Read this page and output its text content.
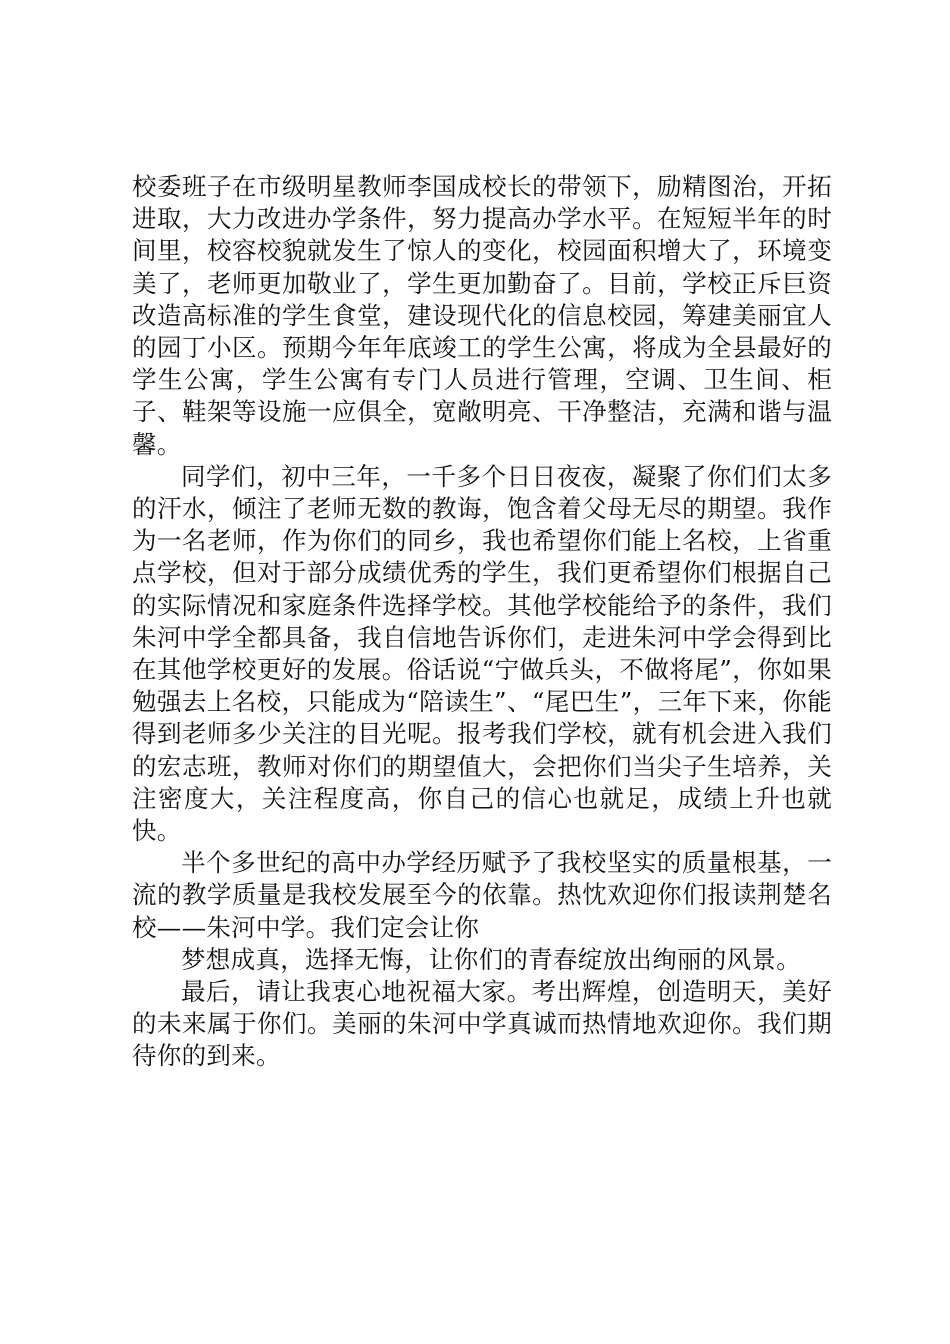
校委班子在市级明星教师李国成校长的带领下，励精图治，开拓进取，大力改进办学条件，努力提高办学水平。在短短半年的时间里，校容校貌就发生了惊人的变化，校园面积增大了，环境变美了，老师更加敬业了，学生更加勤奋了。目前，学校正斥巨资改造高标准的学生食堂，建设现代化的信息校园，筹建美丽宜人的园丁小区。预期今年年底竣工的学生公寓，将成为全县最好的学生公寓，学生公寓有专门人员进行管理，空调、卫生间、柜子、鞋架等设施一应俱全，宽敞明亮、干净整洁，充满和谐与温馨。

同学们，初中三年，一千多个日日夜夜，凝聚了你们们太多的汗水，倾注了老师无数的教诲，饱含着父母无尽的期望。我作为一名老师，作为你们的同乡，我也希望你们能上名校，上省重点学校，但对于部分成绩优秀的学生，我们更希望你们根据自己的实际情况和家庭条件选择学校。其他学校能给予的条件，我们朱河中学全都具备，我自信地告诉你们，走进朱河中学会得到比在其他学校更好的发展。俗话说“宁做兵头，不做将尾”，你如果勉强去上名校，只能成为“陪读生”、“尾巴生”，三年下来，你能得到老师多少关注的目光呢。报考我们学校，就有机会进入我们的宏志班，教师对你们的期望值大，会把你们当尖子生培养，关注密度大，关注程度高，你自己的信心也就足，成绩上升也就快。

半个多世纪的高中办学经历赋予了我校坚实的质量根基，一流的教学质量是我校发展至今的依靠。热忱欢迎你们报读荆楚名校——朱河中学。我们定会让你

梦想成真，选择无悔，让你们的青春绽放出绚丽的风景。

最后，请让我衷心地祝福大家。考出辉煌，创造明天，美好的未来属于你们。美丽的朱河中学真诚而热情地欢迎你。我们期待你的到来。
